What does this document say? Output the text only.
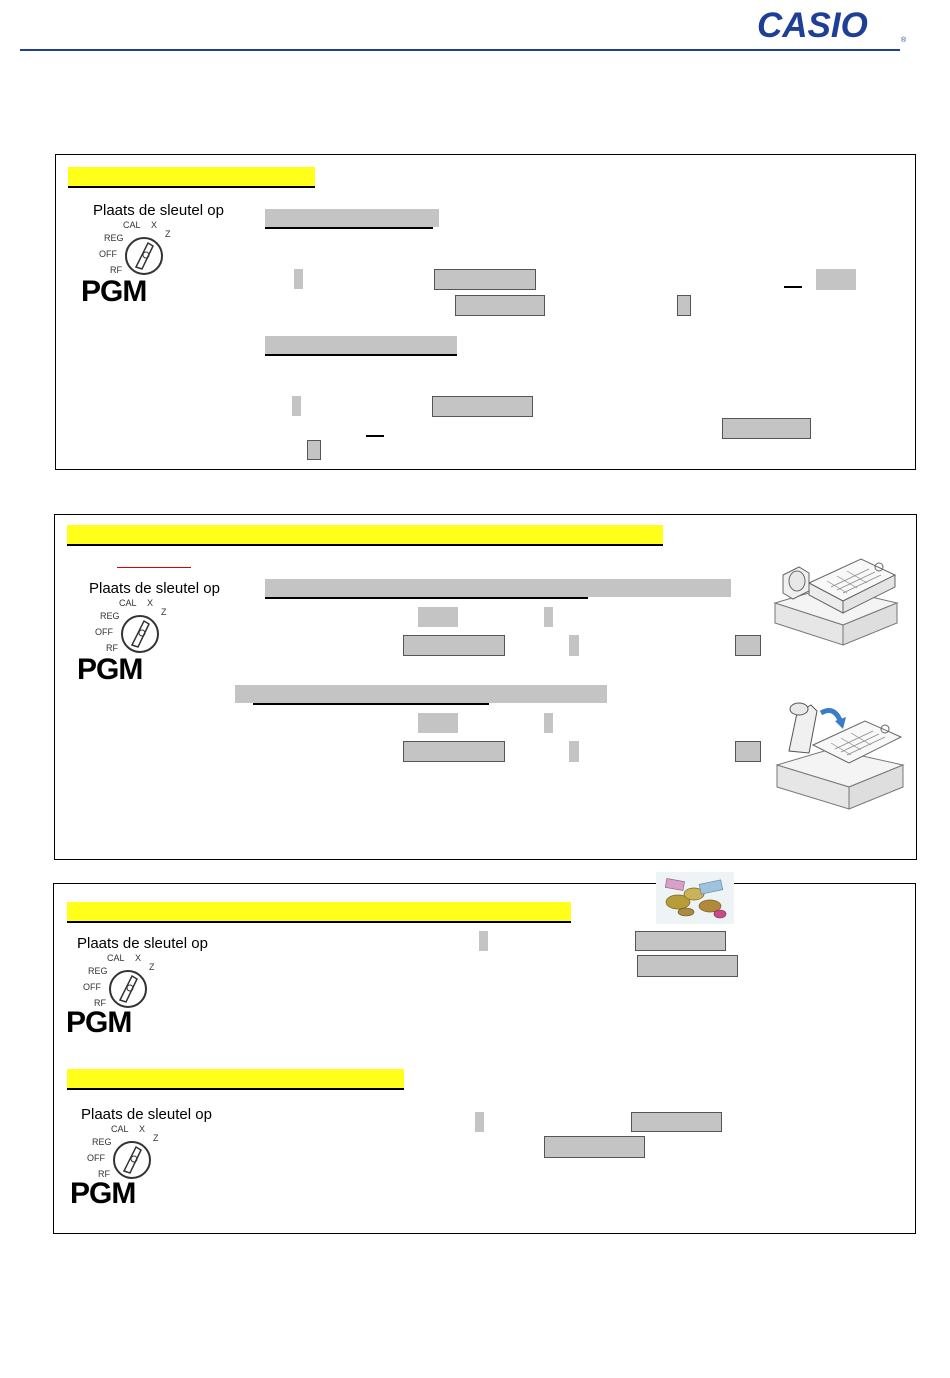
CASIO	®
Plaats de sleutel op
CAL X
Z
REG
OFF
RF
PGM
Plaats de sleutel op
CAL X
Z
REG
OFF
RF
PGM
Plaats de sleutel op
CAL X
Z
REG
OFF
RF
PGM
Plaats de sleutel op
CAL X
Z
REG
OFF
RF
PGM
